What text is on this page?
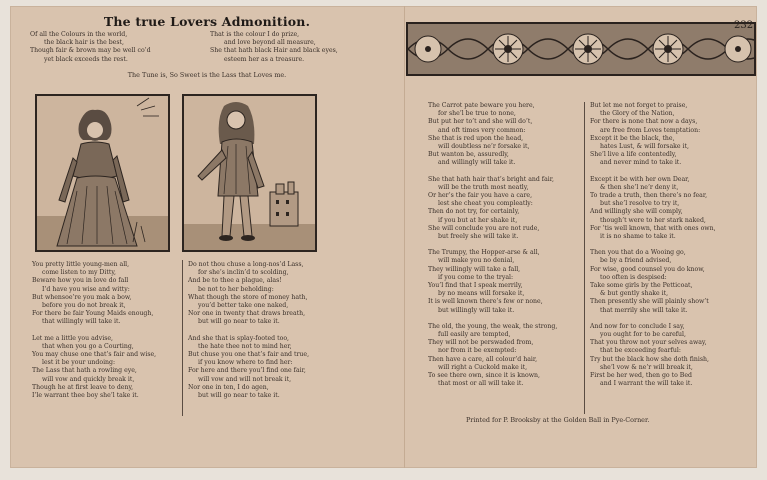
The true Lovers Admonition.
Of all the Colours in the world,
the black hair is the best,
Though fair & brown may be well co’d
yet black exceeds the rest.
That is the colour I do prize,
and love beyond all measure,
She that hath black Hair and black eyes,
esteem her as a treasure.
The Tune is, So Sweet is the Lass that Loves me.
You pretty little young-men all,
come listen to my Ditty,
Beware how you in love do fall
I’d have you wise and witty:
But whensoe’re you mak a bow,
before you do not break it,
For there be fair Young Maids enough,
that willingly will take it.
Let me a little you advise,
that when you go a Courting,
You may chuse one that’s fair and wise,
lest it be your undoing:
The Lass that hath a rowling eye,
will vow and quickly break it,
Though he at first leave to deny,
I’le warrant thee boy she’l take it.
Do not thou chuse a long-nos’d Lass,
for she’s inclin’d to scolding,
And be to thee a plague, alas!
be not to her beholding:
What though the store of money hath,
you’d better take one naked,
Nor one in twenty that draws breath,
but will go near to take it.
And she that is splay-footed too,
the hate thee not to mind her,
But chuse you one that’s fair and true,
if you know where to find her:
For here and there you’l find one fair,
will vow and will not break it,
Nor one in ten, I do agen,
but will go near to take it.
232
The Carrot pate beware you here,
for she’l be true to none,
But put her to’t and she will do’t,
and oft times very common:
She that is red upon the head,
will doubtless ne’r forsake it,
But wanton be, assuredly,
and willingly will take it.
She that hath hair that’s bright and fair,
will be the truth most neatly,
Or her’s the fair you have a care,
lest she cheat you compleatly:
Then do not try, for certainly,
if you but at her shake it,
She will conclude you are not rude,
but freely she will take it.
The Trumpy, the Hopper-arse & all,
will make you no denial,
They willingly will take a fall,
if you come to the tryal:
You’l find that I speak merrily,
by no means will forsake it,
It is well known there’s few or none,
but willingly will take it.
The old, the young, the weak, the strong,
full easily are tempted,
They will not be perswaded from,
nor from it be exempted:
Then have a care, all colour’d hair,
will right a Cuckold make it,
To see there own, since it is known,
that most or all will take it.
But let me not forget to praise,
the Glory of the Nation,
For there is none that now a days,
are free from Loves temptation:
Except it be the black, the,
hates Lust, & will forsake it,
She’l live a life contentedly,
and never mind to take it.
Except it be with her own Dear,
& then she’l ne’r deny it,
To trade a truth, then there’s no fear,
but she’l resolve to try it,
And willingly she will comply,
though’t were to her stark naked,
For ’tis well known, that with ones own,
it is no shame to take it.
Then you that do a Wooing go,
be by a friend advised,
For wise, good counsel you do know,
too often is despised:
Take some girls by the Petticoat,
& but gently shake it,
Then presently she will plainly show’t
that merrily she will take it.
And now for to conclude I say,
you ought for to be careful,
That you throw not your selves away,
that be exceeding fearful:
Try but the black how she doth finish,
she’l vow & ne’r will break it,
First be her wed, then go to Bed
and I warrant the will take it.
Printed for P. Brooksby at the Golden Ball in Pye-Corner.
